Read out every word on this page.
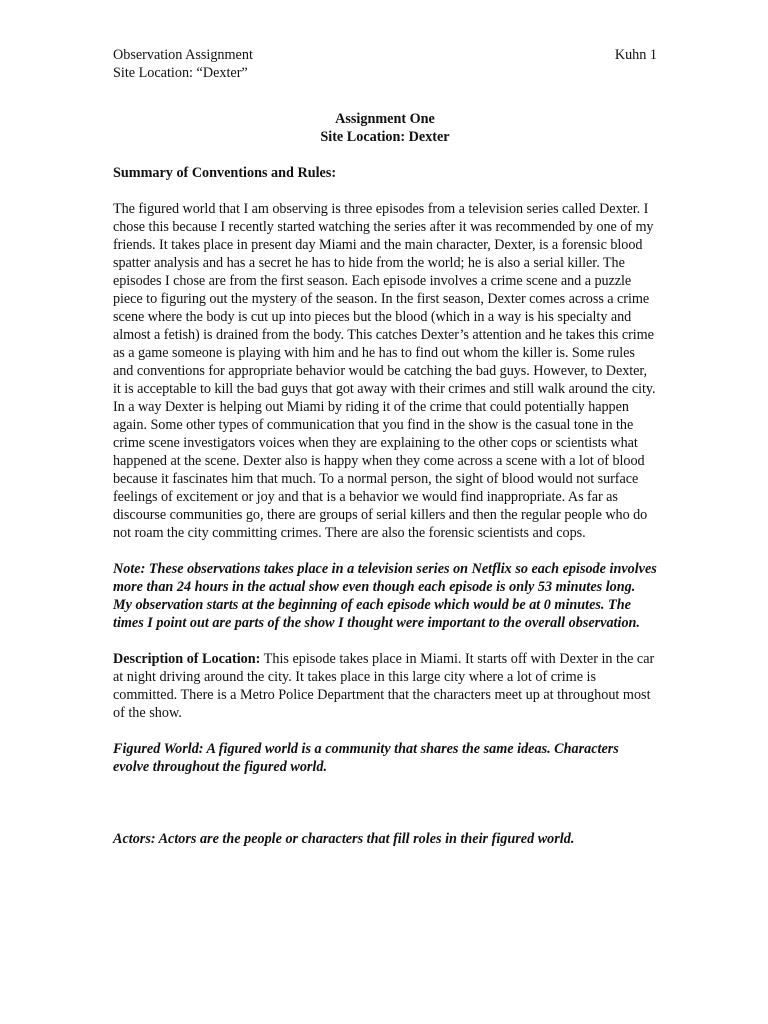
Observation Assignment	Kuhn 1
Site Location: “Dexter”
Assignment One
Site Location: Dexter
Summary of Conventions and Rules:
The figured world that I am observing is three episodes from a television series called Dexter. I chose this because I recently started watching the series after it was recommended by one of my friends. It takes place in present day Miami and the main character, Dexter, is a forensic blood spatter analysis and has a secret he has to hide from the world; he is also a serial killer. The episodes I chose are from the first season. Each episode involves a crime scene and a puzzle piece to figuring out the mystery of the season. In the first season, Dexter comes across a crime scene where the body is cut up into pieces but the blood (which in a way is his specialty and almost a fetish) is drained from the body. This catches Dexter’s attention and he takes this crime as a game someone is playing with him and he has to find out whom the killer is. Some rules and conventions for appropriate behavior would be catching the bad guys. However, to Dexter, it is acceptable to kill the bad guys that got away with their crimes and still walk around the city. In a way Dexter is helping out Miami by riding it of the crime that could potentially happen again. Some other types of communication that you find in the show is the casual tone in the crime scene investigators voices when they are explaining to the other cops or scientists what happened at the scene. Dexter also is happy when they come across a scene with a lot of blood because it fascinates him that much. To a normal person, the sight of blood would not surface feelings of excitement or joy and that is a behavior we would find inappropriate. As far as discourse communities go, there are groups of serial killers and then the regular people who do not roam the city committing crimes. There are also the forensic scientists and cops.
Note: These observations takes place in a television series on Netflix so each episode involves more than 24 hours in the actual show even though each episode is only 53 minutes long. My observation starts at the beginning of each episode which would be at 0 minutes. The times I point out are parts of the show I thought were important to the overall observation.
Description of Location: This episode takes place in Miami. It starts off with Dexter in the car at night driving around the city. It takes place in this large city where a lot of crime is committed. There is a Metro Police Department that the characters meet up at throughout most of the show.
Figured World: A figured world is a community that shares the same ideas. Characters evolve throughout the figured world.
Actors: Actors are the people or characters that fill roles in their figured world.
